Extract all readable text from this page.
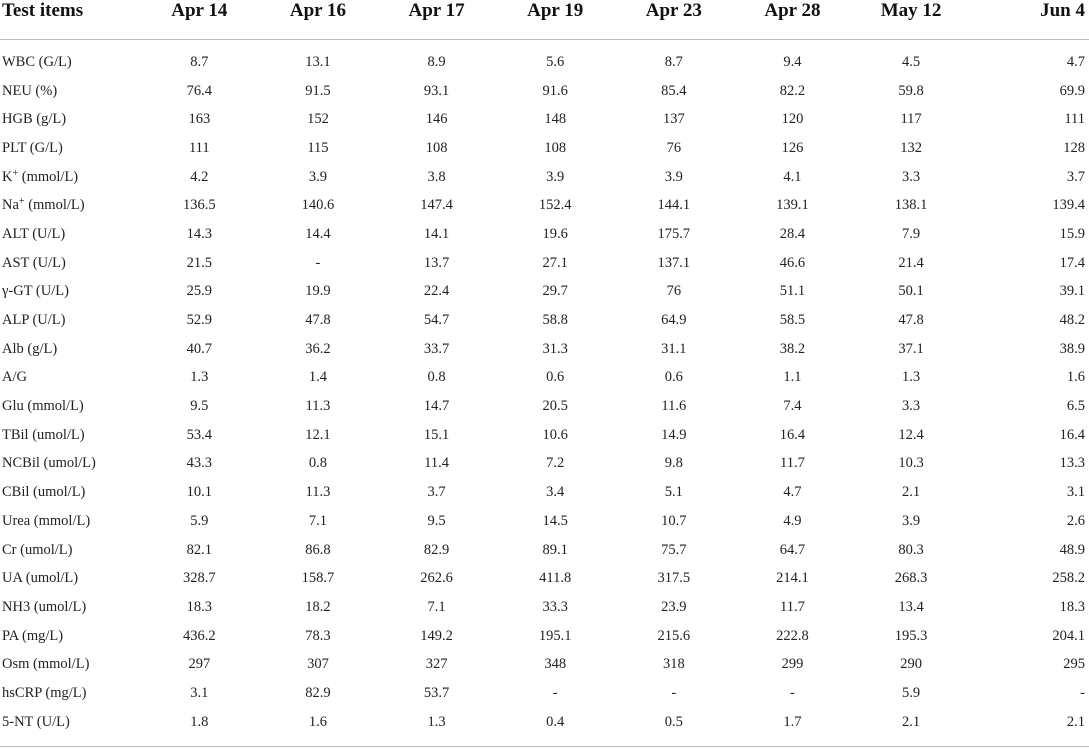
Test items	Apr 14	Apr 16	Apr 17	Apr 19	Apr 23	Apr 28	May 12	Jun 4
WBC (G/L)	8.7	13.1	8.9	5.6	8.7	9.4	4.5	4.7
NEU (%)	76.4	91.5	93.1	91.6	85.4	82.2	59.8	69.9
HGB (g/L)	163	152	146	148	137	120	117	111
PLT (G/L)	111	115	108	108	76	126	132	128
K+ (mmol/L)	4.2	3.9	3.8	3.9	3.9	4.1	3.3	3.7
Na+ (mmol/L)	136.5	140.6	147.4	152.4	144.1	139.1	138.1	139.4
ALT (U/L)	14.3	14.4	14.1	19.6	175.7	28.4	7.9	15.9
AST (U/L)	21.5	-	13.7	27.1	137.1	46.6	21.4	17.4
γ-GT (U/L)	25.9	19.9	22.4	29.7	76	51.1	50.1	39.1
ALP (U/L)	52.9	47.8	54.7	58.8	64.9	58.5	47.8	48.2
Alb (g/L)	40.7	36.2	33.7	31.3	31.1	38.2	37.1	38.9
A/G	1.3	1.4	0.8	0.6	0.6	1.1	1.3	1.6
Glu (mmol/L)	9.5	11.3	14.7	20.5	11.6	7.4	3.3	6.5
TBil (umol/L)	53.4	12.1	15.1	10.6	14.9	16.4	12.4	16.4
NCBil (umol/L)	43.3	0.8	11.4	7.2	9.8	11.7	10.3	13.3
CBil (umol/L)	10.1	11.3	3.7	3.4	5.1	4.7	2.1	3.1
Urea (mmol/L)	5.9	7.1	9.5	14.5	10.7	4.9	3.9	2.6
Cr (umol/L)	82.1	86.8	82.9	89.1	75.7	64.7	80.3	48.9
UA (umol/L)	328.7	158.7	262.6	411.8	317.5	214.1	268.3	258.2
NH3 (umol/L)	18.3	18.2	7.1	33.3	23.9	11.7	13.4	18.3
PA (mg/L)	436.2	78.3	149.2	195.1	215.6	222.8	195.3	204.1
Osm (mmol/L)	297	307	327	348	318	299	290	295
hsCRP (mg/L)	3.1	82.9	53.7	-	-	-	5.9	-
5-NT (U/L)	1.8	1.6	1.3	0.4	0.5	1.7	2.1	2.1
